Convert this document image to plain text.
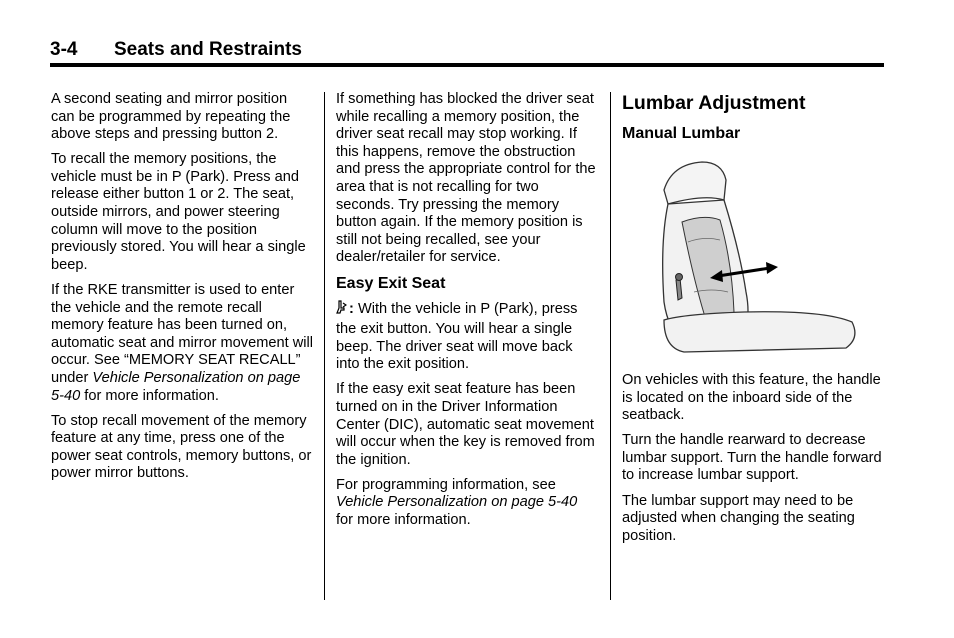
3-4	Seats and Restraints

A second seating and mirror position can be programmed by repeating the above steps and pressing button 2.

To recall the memory positions, the vehicle must be in P (Park). Press and release either button 1 or 2. The seat, outside mirrors, and power steering column will move to the position previously stored. You will hear a single beep.

If the RKE transmitter is used to enter the vehicle and the remote recall memory feature has been turned on, automatic seat and mirror movement will occur. See “MEMORY SEAT RECALL” under Vehicle Personalization on page 5-40 for more information.

To stop recall movement of the memory feature at any time, press one of the power seat controls, memory buttons, or power mirror buttons.

If something has blocked the driver seat while recalling a memory position, the driver seat recall may stop working. If this happens, remove the obstruction and press the appropriate control for the area that is not recalling for two seconds. Try pressing the memory button again. If the memory position is still not being recalled, see your dealer/retailer for service.

Easy Exit Seat

: With the vehicle in P (Park), press the exit button. You will hear a single beep. The driver seat will move back into the exit position.

If the easy exit seat feature has been turned on in the Driver Information Center (DIC), automatic seat movement will occur when the key is removed from the ignition.

For programming information, see Vehicle Personalization on page 5-40 for more information.

Lumbar Adjustment
Manual Lumbar

On vehicles with this feature, the handle is located on the inboard side of the seatback.

Turn the handle rearward to decrease lumbar support. Turn the handle forward to increase lumbar support.

The lumbar support may need to be adjusted when changing the seating position.
